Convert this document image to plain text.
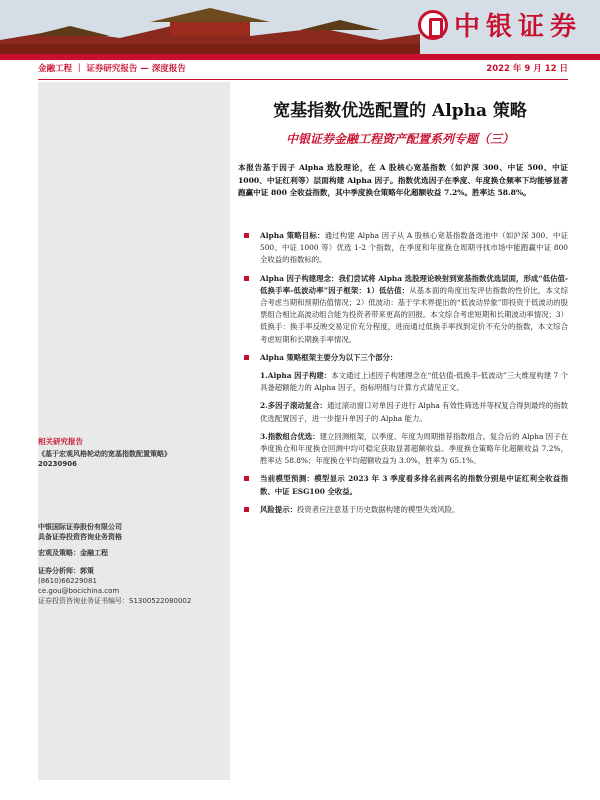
中银证券
金融工程 ｜ 证券研究报告 — 深度报告	2022 年 9 月 12 日
相关研究报告
《基于宏观风格轮动的宽基指数配置策略》
20230906
中银国际证券股份有限公司
具备证券投资咨询业务资格
宏观及策略：金融工程
证券分析师：郭策
(8610)66229081
ce.gou@bocichina.com
证券投资咨询业务证书编号：S1300522080002
宽基指数优选配置的 Alpha 策略
中银证券金融工程资产配置系列专题（三）
本报告基于因子 Alpha 选股理论，在 A 股核心宽基指数（如沪深 300、中证 500、中证 1000、中证红利等）层面构建 Alpha 因子。指数优选因子在季度、年度换仓频率下均能够显著跑赢中证 800 全收益指数，其中季度换仓策略年化超额收益 7.2%。胜率达 58.8%。
Alpha 策略目标：通过构建 Alpha 因子从 A 股核心宽基指数备选池中（如沪深 300、中证 500、中证 1000 等）优选 1-2 个指数，在季度和年度换仓周期寻找市场中能跑赢中证 800 全收益的指数标的。
Alpha 因子构建理念：我们尝试将 Alpha 选股理论映射到宽基指数优选层面，形成“低估值-低换手率-低波动率”因子框架：1）低估值：从基本面的角度出发评估指数的性价比，本文综合考虑当期和预期估值情况；2）低波动：基于学术界提出的“低波动异象”即投资于低波动的股票组合相比高波动组合能为投资者带来更高的回报。本文综合考虑短期和长期波动率情况；3）低换手：换手率反映交易定价充分程度，进而通过低换手率找到定价不充分的指数，本文综合考虑短期和长期换手率情况。
Alpha 策略框架主要分为以下三个部分：
1.Alpha 因子构建：本文通过上述因子构建理念在“低估值-低换手-低波动”三大维度构建 7 个具备超额能力的 Alpha 因子，指标明细与计算方式请见正文。
2.多因子滚动复合：通过滚动窗口对单因子进行 Alpha 有效性筛选并等权复合得到最终的指数优选配置因子，进一步提升单因子的 Alpha 能力。
3.指数组合优选：建立回测框架，以季度、年度为周期推荐指数组合。复合后的 Alpha 因子在季度换仓和年度换仓回测中均可稳定获取显著超额收益。季度换仓策略年化超额收益 7.2%，胜率达 58.8%；年度换仓平均超额收益为 3.0%，胜率为 65.1%。
当前模型预测：模型显示 2023 年 3 季度看多排名前两名的指数分别是中证红利全收益指数、中证 ESG100 全收益。
风险提示：投资者应注意基于历史数据构建的模型失效风险。
